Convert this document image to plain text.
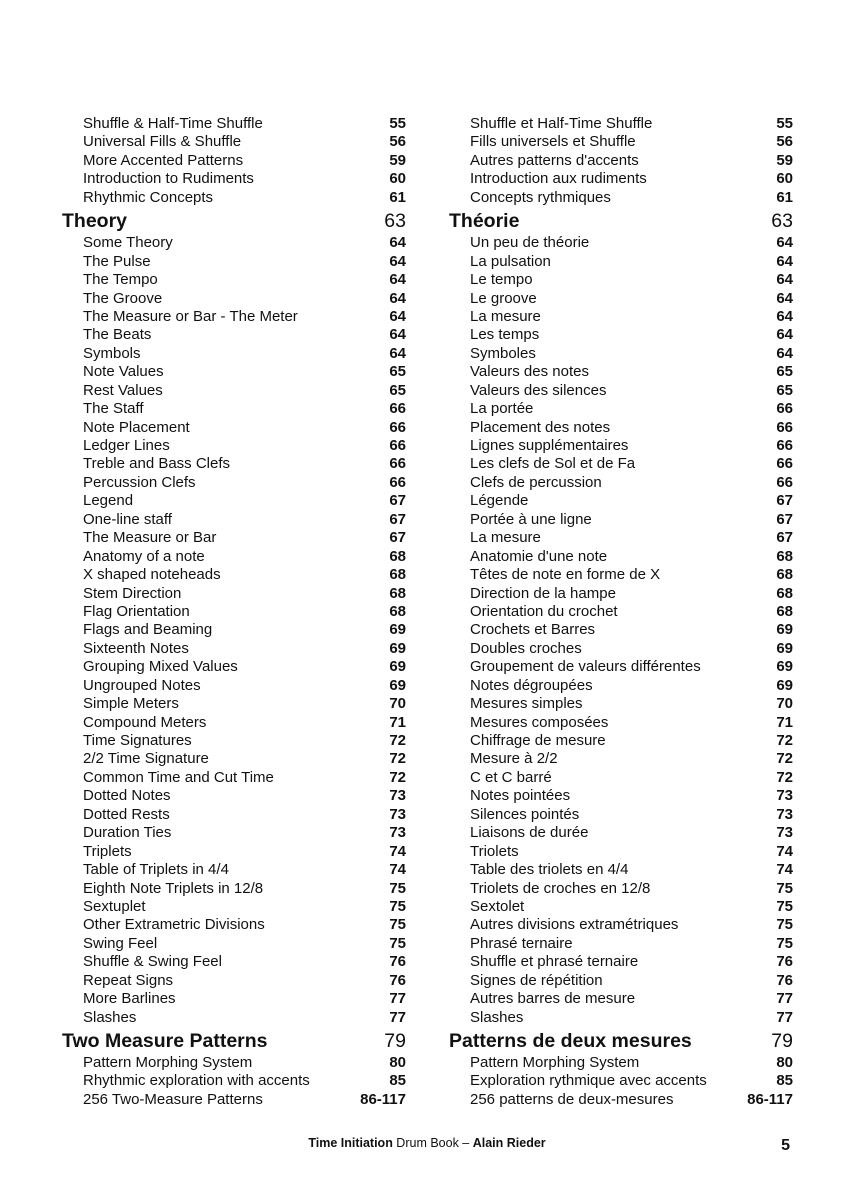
Shuffle & Half-Time Shuffle	55
Universal Fills & Shuffle	56
More Accented Patterns	59
Introduction to Rudiments	60
Rhythmic Concepts	61
Theory	63
Some Theory	64
The Pulse	64
The Tempo	64
The Groove	64
The Measure or Bar - The Meter	64
The Beats	64
Symbols	64
Note Values	65
Rest Values	65
The Staff	66
Note Placement	66
Ledger Lines	66
Treble and Bass Clefs	66
Percussion Clefs	66
Legend	67
One-line staff	67
The Measure or Bar	67
Anatomy of a note	68
X shaped noteheads	68
Stem Direction	68
Flag Orientation	68
Flags and Beaming	69
Sixteenth Notes	69
Grouping Mixed Values	69
Ungrouped Notes	69
Simple Meters	70
Compound Meters	71
Time Signatures	72
2/2 Time Signature	72
Common Time and Cut Time	72
Dotted Notes	73
Dotted Rests	73
Duration Ties	73
Triplets	74
Table of Triplets in 4/4	74
Eighth Note Triplets in 12/8	75
Sextuplet	75
Other Extrametric Divisions	75
Swing Feel	75
Shuffle & Swing Feel	76
Repeat Signs	76
More Barlines	77
Slashes	77
Two Measure Patterns	79
Pattern Morphing System	80
Rhythmic exploration with accents	85
256 Two-Measure Patterns	86-117
Shuffle et Half-Time Shuffle	55
Fills universels et Shuffle	56
Autres patterns d'accents	59
Introduction aux rudiments	60
Concepts rythmiques	61
Théorie	63
Un peu de théorie	64
La pulsation	64
Le tempo	64
Le groove	64
La mesure	64
Les temps	64
Symboles	64
Valeurs des notes	65
Valeurs des silences	65
La portée	66
Placement des notes	66
Lignes supplémentaires	66
Les clefs de Sol et de Fa	66
Clefs de percussion	66
Légende	67
Portée à une ligne	67
La mesure	67
Anatomie d'une note	68
Têtes de note en forme de X	68
Direction de la hampe	68
Orientation du crochet	68
Crochets et Barres	69
Doubles croches	69
Groupement de valeurs différentes	69
Notes dégroupées	69
Mesures simples	70
Mesures composées	71
Chiffrage de mesure	72
Mesure à 2/2	72
C et C barré	72
Notes pointées	73
Silences pointés	73
Liaisons de durée	73
Triolets	74
Table des triolets en 4/4	74
Triolets de croches en 12/8	75
Sextolet	75
Autres divisions extramétriques	75
Phrasé ternaire	75
Shuffle et phrasé ternaire	76
Signes de répétition	76
Autres barres de mesure	77
Slashes	77
Patterns de deux mesures	79
Pattern Morphing System	80
Exploration rythmique avec accents	85
256 patterns de deux-mesures	86-117
Time Initiation Drum Book – Alain Rieder	5
